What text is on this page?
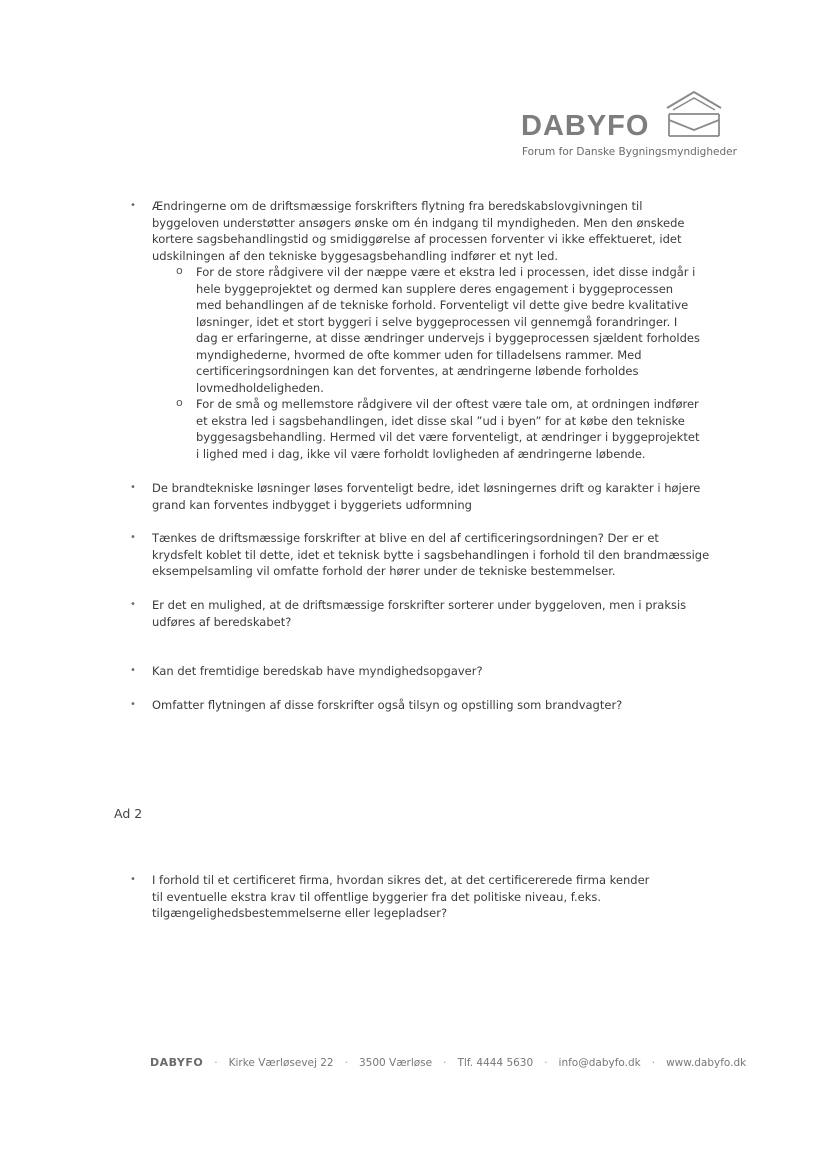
DABYFO
Forum for Danske Bygningsmyndigheder
• Ændringerne om de driftsmæssige forskrifters flytning fra beredskabslovgivningen til byggeloven understøtter ansøgers ønske om én indgang til myndigheden. Men den ønskede kortere sagsbehandlingstid og smidiggørelse af processen forventer vi ikke effektueret, idet udskilningen af den tekniske byggesagsbehandling indfører et nyt led.
o For de store rådgivere vil der næppe være et ekstra led i processen, idet disse indgår i hele byggeprojektet og dermed kan supplere deres engagement i byggeprocessen med behandlingen af de tekniske forhold. Forventeligt vil dette give bedre kvalitative løsninger, idet et stort byggeri i selve byggeprocessen vil gennemgå forandringer. I dag er erfaringerne, at disse ændringer undervejs i byggeprocessen sjældent forholdes myndighederne, hvormed de ofte kommer uden for tilladelsens rammer. Med certificeringsordningen kan det forventes, at ændringerne løbende forholdes lovmedholdeligheden.
o For de små og mellemstore rådgivere vil der oftest være tale om, at ordningen indfører et ekstra led i sagsbehandlingen, idet disse skal ”ud i byen” for at købe den tekniske byggesagsbehandling. Hermed vil det være forventeligt, at ændringer i byggeprojektet i lighed med i dag, ikke vil være forholdt lovligheden af ændringerne løbende.
• De brandtekniske løsninger løses forventeligt bedre, idet løsningernes drift og karakter i højere grand kan forventes indbygget i byggeriets udformning
• Tænkes de driftsmæssige forskrifter at blive en del af certificeringsordningen? Der er et krydsfelt koblet til dette, idet et teknisk bytte i sagsbehandlingen i forhold til den brandmæssige eksempelsamling vil omfatte forhold der hører under de tekniske bestemmelser.
• Er det en mulighed, at de driftsmæssige forskrifter sorterer under byggeloven, men i praksis udføres af beredskabet?
• Kan det fremtidige beredskab have myndighedsopgaver?
• Omfatter flytningen af disse forskrifter også tilsyn og opstilling som brandvagter?
Ad 2
• I forhold til et certificeret firma, hvordan sikres det, at det certificererede firma kender til eventuelle ekstra krav til offentlige byggerier fra det politiske niveau, f.eks. tilgængelighedsbestemmelserne eller legepladser?
DABYFO · Kirke Værløsevej 22 · 3500 Værløse · Tlf. 4444 5630 · info@dabyfo.dk · www.dabyfo.dk
